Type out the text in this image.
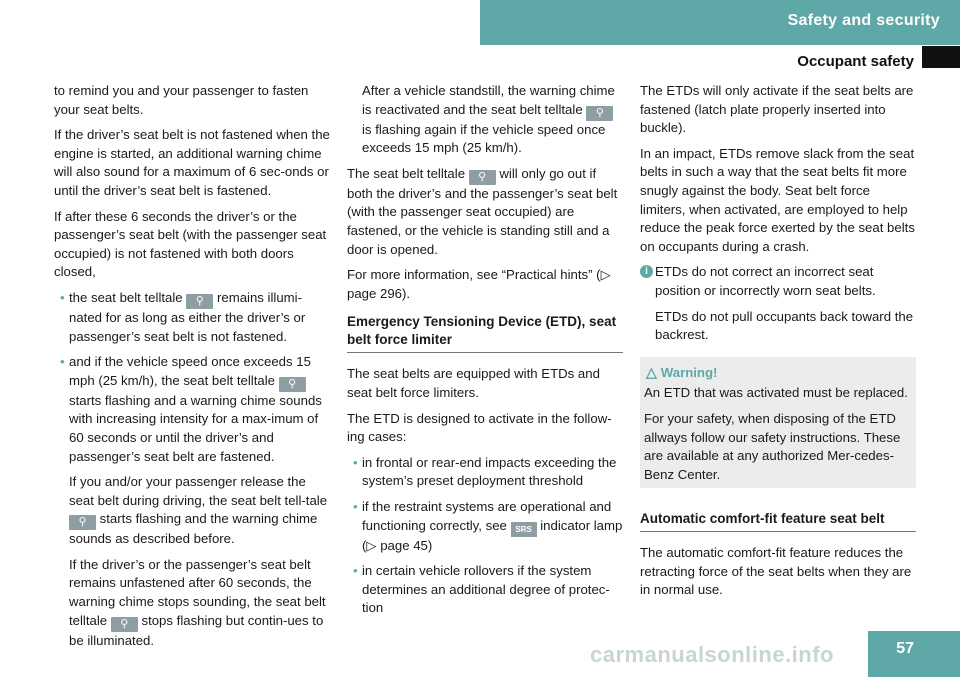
Safety and security
Occupant safety

to remind you and your passenger to fasten your seat belts.

If the driver’s seat belt is not fastened when the engine is started, an additional warning chime will also sound for a maximum of 6 sec-onds or until the driver’s seat belt is fastened.

If after these 6 seconds the driver’s or the passenger’s seat belt (with the passenger seat occupied) is not fastened with both doors closed,

• the seat belt telltale ⚲ remains illumi-nated for as long as either the driver’s or passenger’s seat belt is not fastened.
• and if the vehicle speed once exceeds 15 mph (25 km/h), the seat belt telltale ⚲ starts flashing and a warning chime sounds with increasing intensity for a max-imum of 60 seconds or until the driver’s and passenger’s seat belt are fastened.
If you and/or your passenger release the seat belt during driving, the seat belt tell-tale ⚲ starts flashing and the warning chime sounds as described before.
If the driver’s or the passenger’s seat belt remains unfastened after 60 seconds, the warning chime stops sounding, the seat belt telltale ⚲ stops flashing but contin-ues to be illuminated.
After a vehicle standstill, the warning chime is reactivated and the seat belt telltale ⚲ is flashing again if the vehicle speed once exceeds 15 mph (25 km/h).

The seat belt telltale ⚲ will only go out if both the driver’s and the passenger’s seat belt (with the passenger seat occupied) are fastened, or the vehicle is standing still and a door is opened.

For more information, see “Practical hints” (▷ page 296).

Emergency Tensioning Device (ETD), seat belt force limiter

The seat belts are equipped with ETDs and seat belt force limiters.

The ETD is designed to activate in the follow-ing cases:

• in frontal or rear-end impacts exceeding the system’s preset deployment threshold
• if the restraint systems are operational and functioning correctly, see SRS indicator lamp (▷ page 45)
• in certain vehicle rollovers if the system determines an additional degree of protec-tion

The ETDs will only activate if the seat belts are fastened (latch plate properly inserted into buckle).

In an impact, ETDs remove slack from the seat belts in such a way that the seat belts fit more snugly against the body. Seat belt force limiters, when activated, are employed to help reduce the peak force exerted by the seat belts on occupants during a crash.

i ETDs do not correct an incorrect seat position or incorrectly worn seat belts.

ETDs do not pull occupants back toward the backrest.

△ Warning!

An ETD that was activated must be replaced.

For your safety, when disposing of the ETD allways follow our safety instructions. These are available at any authorized Mer-cedes-Benz Center.

Automatic comfort-fit feature seat belt

The automatic comfort-fit feature reduces the retracting force of the seat belts when they are in normal use.

carmanualsonline.info	57
